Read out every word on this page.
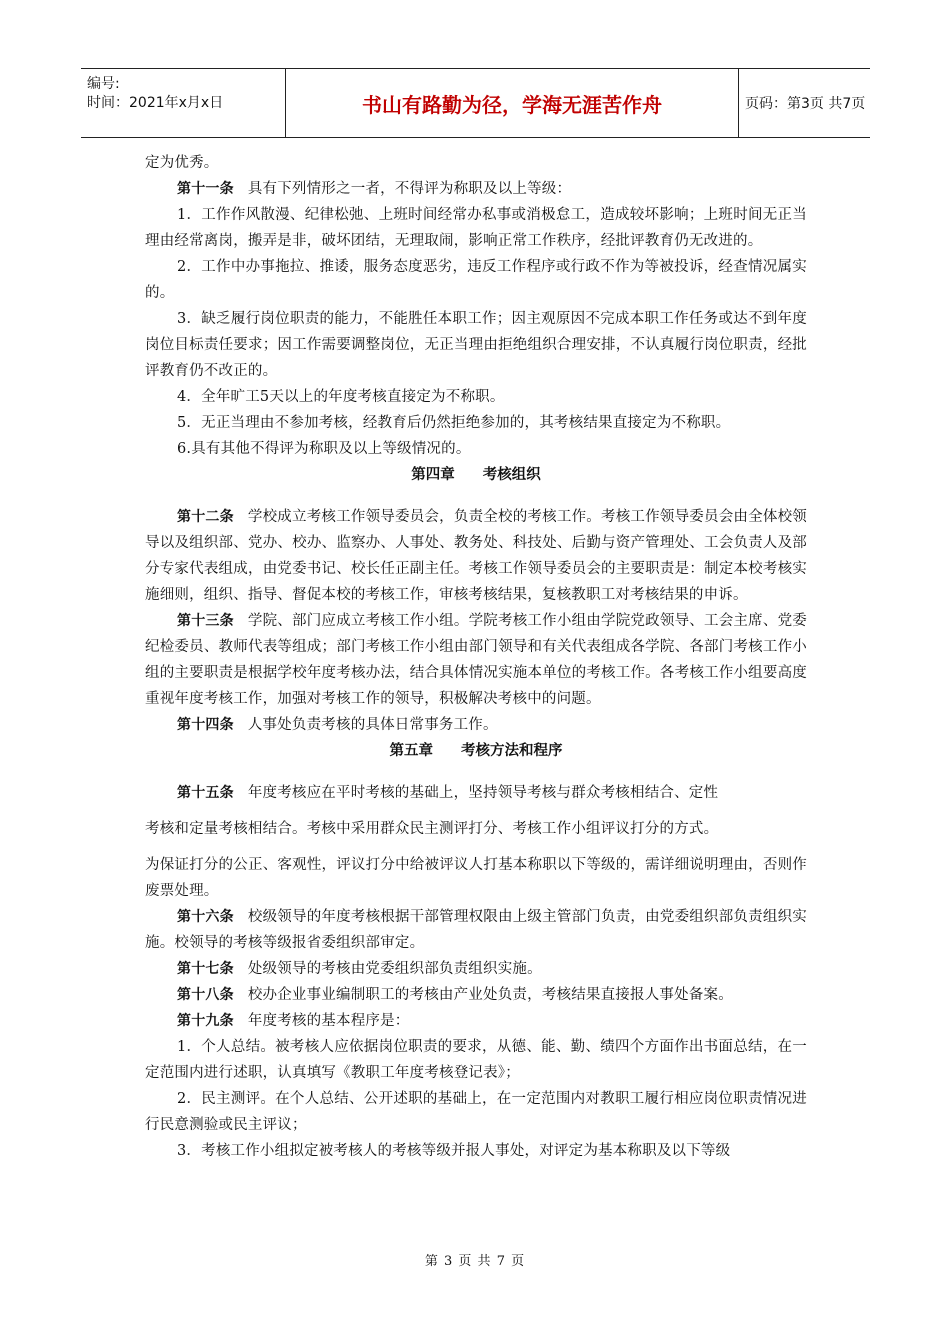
编号:
时间：2021年x月x日	书山有路勤为径，学海无涯苦作舟	页码：第3页 共7页

定为优秀。

第十一条 具有下列情形之一者，不得评为称职及以上等级：

1．工作作风散漫、纪律松弛、上班时间经常办私事或消极怠工，造成较坏影响；上班时间无正当理由经常离岗，搬弄是非，破坏团结，无理取闹，影响正常工作秩序，经批评教育仍无改进的。

2．工作中办事拖拉、推诿，服务态度恶劣，违反工作程序或行政不作为等被投诉，经查情况属实的。

3．缺乏履行岗位职责的能力，不能胜任本职工作；因主观原因不完成本职工作任务或达不到年度岗位目标责任要求；因工作需要调整岗位，无正当理由拒绝组织合理安排，不认真履行岗位职责，经批评教育仍不改正的。

4．全年旷工5天以上的年度考核直接定为不称职。

5．无正当理由不参加考核，经教育后仍然拒绝参加的，其考核结果直接定为不称职。

6.具有其他不得评为称职及以上等级情况的。

第四章 考核组织

第十二条 学校成立考核工作领导委员会，负责全校的考核工作。考核工作领导委员会由全体校领导以及组织部、党办、校办、监察办、人事处、教务处、科技处、后勤与资产管理处、工会负责人及部分专家代表组成，由党委书记、校长任正副主任。考核工作领导委员会的主要职责是：制定本校考核实施细则，组织、指导、督促本校的考核工作，审核考核结果，复核教职工对考核结果的申诉。

第十三条 学院、部门应成立考核工作小组。学院考核工作小组由学院党政领导、工会主席、党委纪检委员、教师代表等组成；部门考核工作小组由部门领导和有关代表组成各学院、各部门考核工作小组的主要职责是根据学校年度考核办法，结合具体情况实施本单位的考核工作。各考核工作小组要高度重视年度考核工作，加强对考核工作的领导，积极解决考核中的问题。

第十四条 人事处负责考核的具体日常事务工作。

第五章 考核方法和程序

第十五条 年度考核应在平时考核的基础上，坚持领导考核与群众考核相结合、定性

考核和定量考核相结合。考核中采用群众民主测评打分、考核工作小组评议打分的方式。

为保证打分的公正、客观性，评议打分中给被评议人打基本称职以下等级的，需详细说明理由，否则作废票处理。

第十六条 校级领导的年度考核根据干部管理权限由上级主管部门负责，由党委组织部负责组织实施。校领导的考核等级报省委组织部审定。

第十七条 处级领导的考核由党委组织部负责组织实施。

第十八条 校办企业事业编制职工的考核由产业处负责，考核结果直接报人事处备案。

第十九条 年度考核的基本程序是：

1．个人总结。被考核人应依据岗位职责的要求，从德、能、勤、绩四个方面作出书面总结，在一定范围内进行述职，认真填写《教职工年度考核登记表》；

2．民主测评。在个人总结、公开述职的基础上，在一定范围内对教职工履行相应岗位职责情况进行民意测验或民主评议；

3．考核工作小组拟定被考核人的考核等级并报人事处，对评定为基本称职及以下等级

第 3 页 共 7 页
